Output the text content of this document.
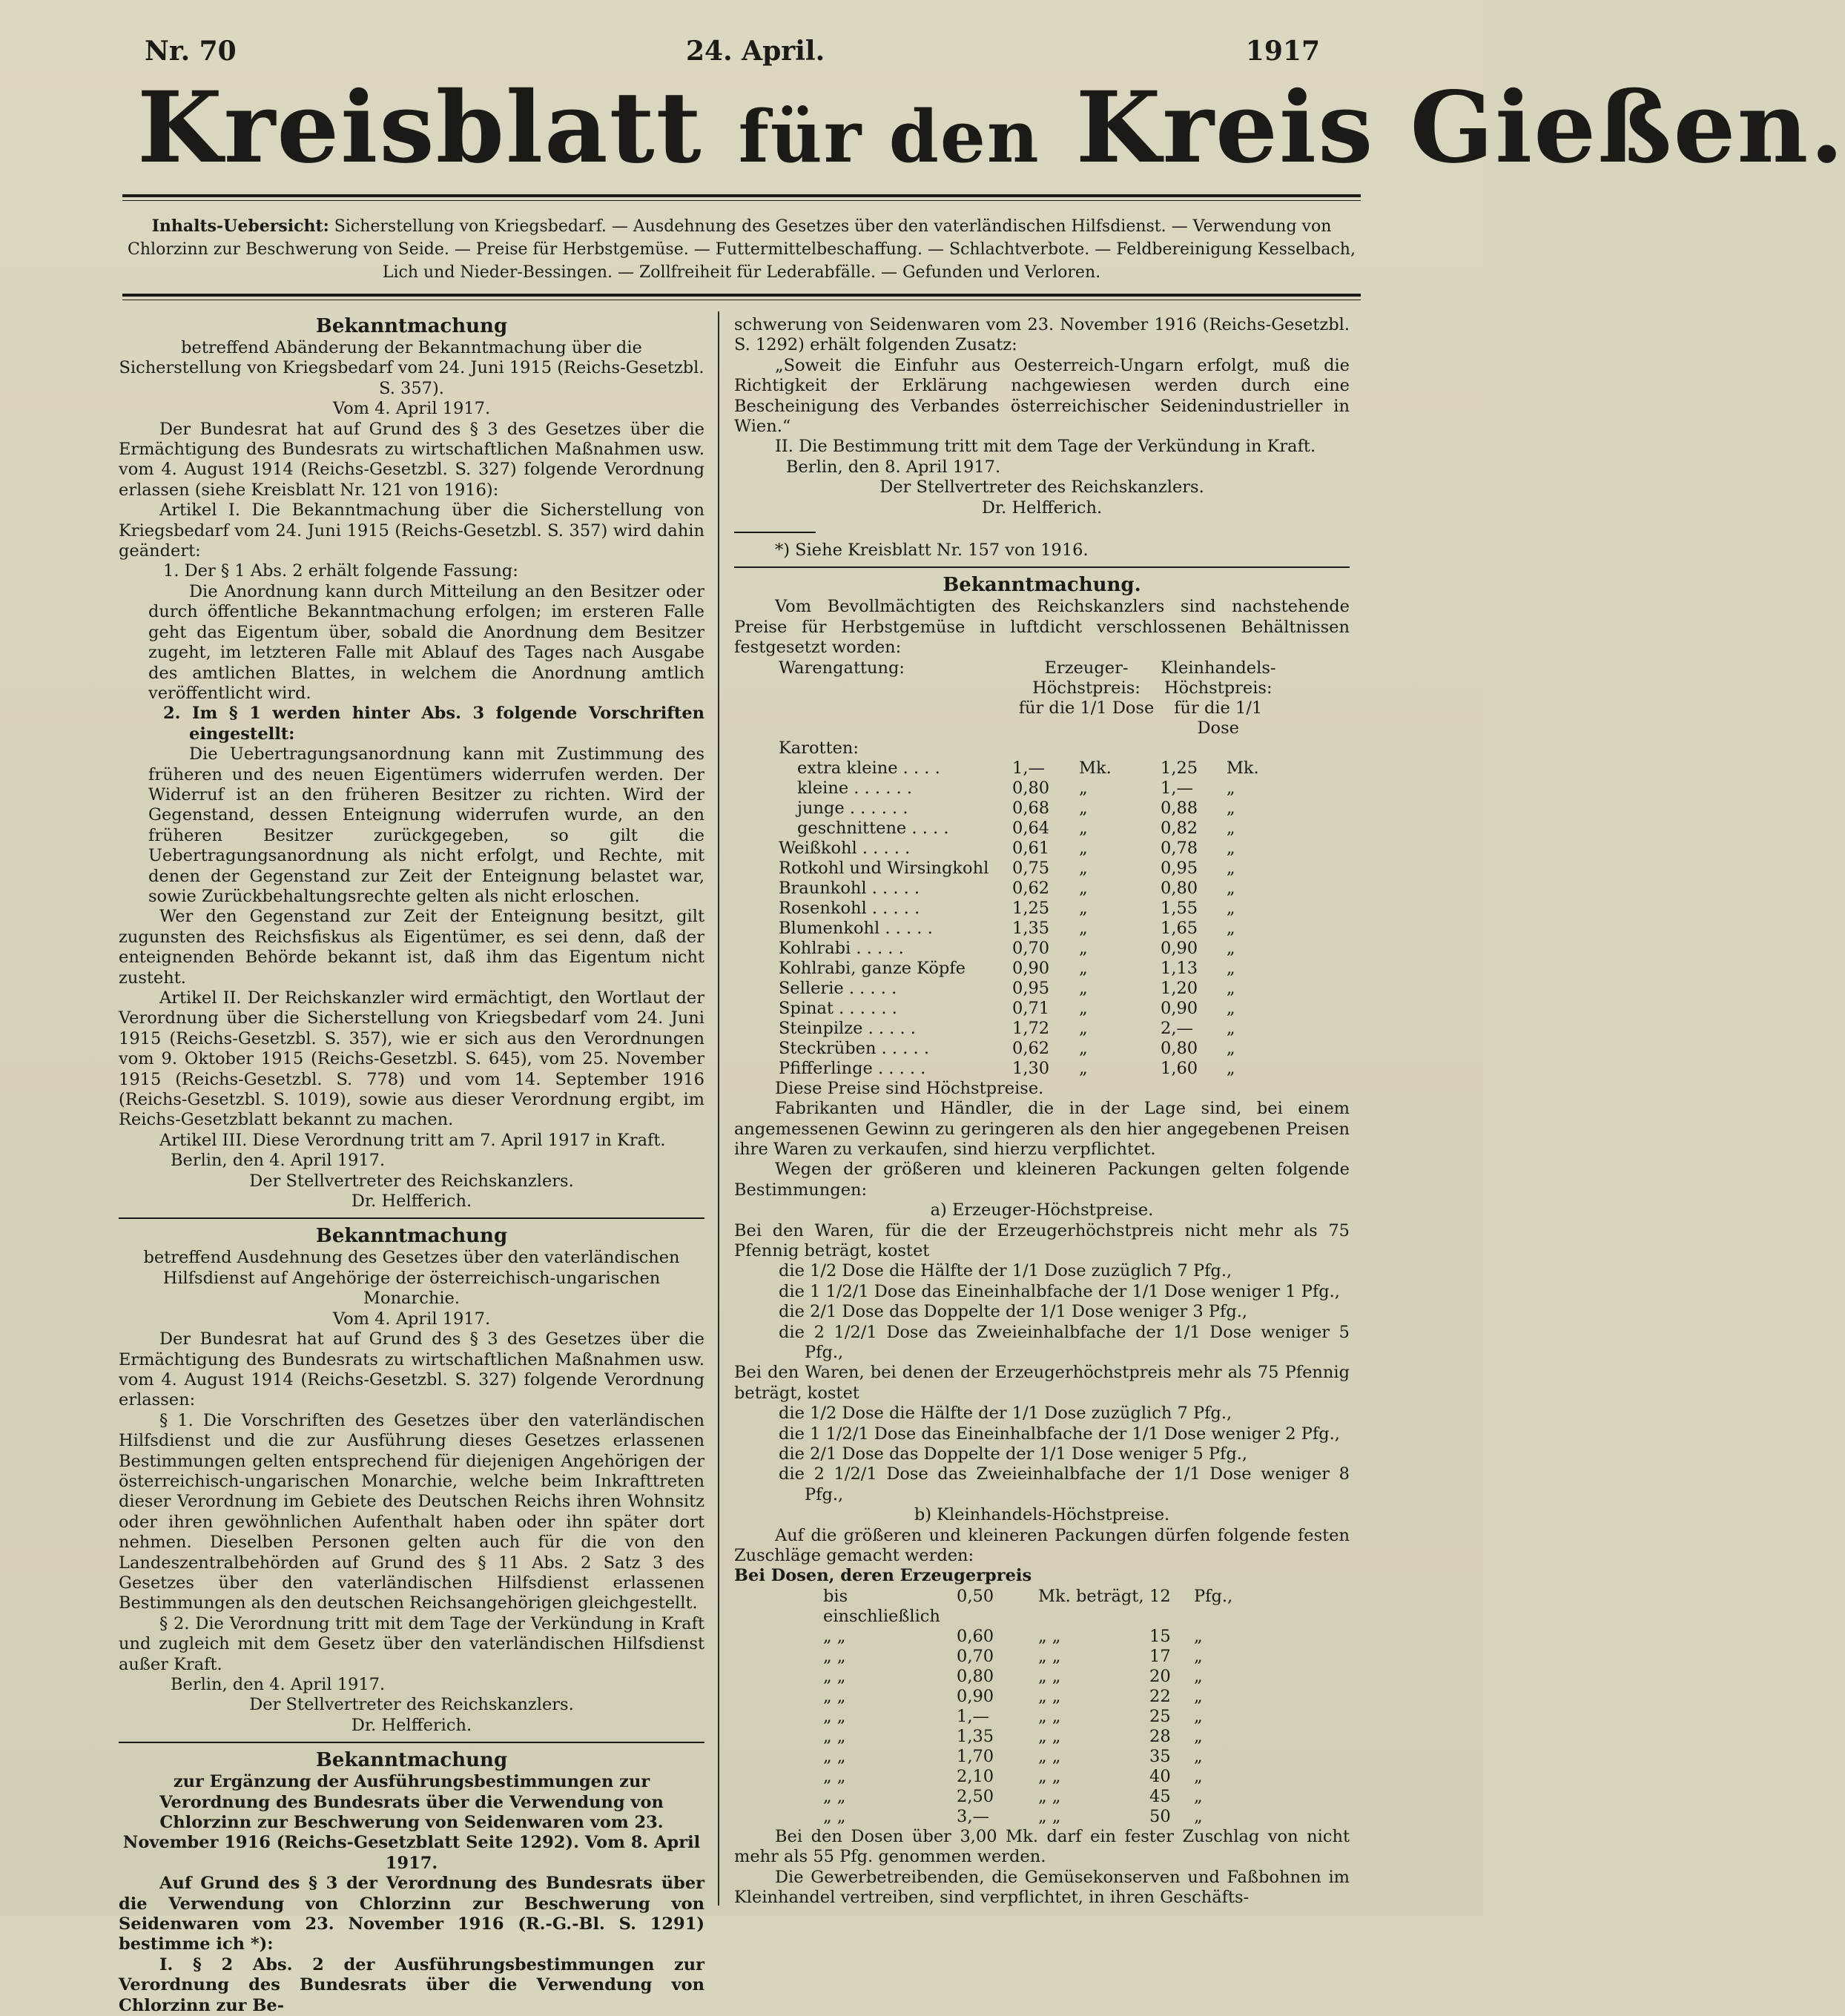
Nr. 70	24. April.	1917
Kreisblatt für den Kreis Gießen.
Inhalts-Uebersicht: Sicherstellung von Kriegsbedarf. — Ausdehnung des Gesetzes über den vaterländischen Hilfsdienst. — Verwendung von Chlorzinn zur Beschwerung von Seide. — Preise für Herbstgemüse. — Futtermittelbeschaffung. — Schlachtverbote. — Feldbereinigung Kesselbach, Lich und Nieder-Bessingen. — Zollfreiheit für Lederabfälle. — Gefunden und Verloren.

Bekanntmachung

betreffend Abänderung der Bekanntmachung über die Sicherstellung von Kriegsbedarf vom 24. Juni 1915 (Reichs-Gesetzbl. S. 357).

Vom 4. April 1917.

Der Bundesrat hat auf Grund des § 3 des Gesetzes über die Ermächtigung des Bundesrats zu wirtschaftlichen Maßnahmen usw. vom 4. August 1914 (Reichs-Gesetzbl. S. 327) folgende Verordnung erlassen (siehe Kreisblatt Nr. 121 von 1916):

Artikel I. Die Bekanntmachung über die Sicherstellung von Kriegsbedarf vom 24. Juni 1915 (Reichs-Gesetzbl. S. 357) wird dahin geändert:

1. Der § 1 Abs. 2 erhält folgende Fassung:

Die Anordnung kann durch Mitteilung an den Besitzer oder durch öffentliche Bekanntmachung erfolgen; im ersteren Falle geht das Eigentum über, sobald die Anordnung dem Besitzer zugeht, im letzteren Falle mit Ablauf des Tages nach Ausgabe des amtlichen Blattes, in welchem die Anordnung amtlich veröffentlicht wird.

2. Im § 1 werden hinter Abs. 3 folgende Vorschriften eingestellt:

Die Uebertragungsanordnung kann mit Zustimmung des früheren und des neuen Eigentümers widerrufen werden. Der Widerruf ist an den früheren Besitzer zu richten. Wird der Gegenstand, dessen Enteignung widerrufen wurde, an den früheren Besitzer zurückgegeben, so gilt die Uebertragungsanordnung als nicht erfolgt, und Rechte, mit denen der Gegenstand zur Zeit der Enteignung belastet war, sowie Zurückbehaltungsrechte gelten als nicht erloschen.

Wer den Gegenstand zur Zeit der Enteignung besitzt, gilt zugunsten des Reichsfiskus als Eigentümer, es sei denn, daß der enteignenden Behörde bekannt ist, daß ihm das Eigentum nicht zusteht.

Artikel II. Der Reichskanzler wird ermächtigt, den Wortlaut der Verordnung über die Sicherstellung von Kriegsbedarf vom 24. Juni 1915 (Reichs-Gesetzbl. S. 357), wie er sich aus den Verordnungen vom 9. Oktober 1915 (Reichs-Gesetzbl. S. 645), vom 25. November 1915 (Reichs-Gesetzbl. S. 778) und vom 14. September 1916 (Reichs-Gesetzbl. S. 1019), sowie aus dieser Verordnung ergibt, im Reichs-Gesetzblatt bekannt zu machen.

Artikel III. Diese Verordnung tritt am 7. April 1917 in Kraft.

Berlin, den 4. April 1917.

Der Stellvertreter des Reichskanzlers.

Dr. Helfferich.

Bekanntmachung

betreffend Ausdehnung des Gesetzes über den vaterländischen Hilfsdienst auf Angehörige der österreichisch-ungarischen Monarchie.

Vom 4. April 1917.

Der Bundesrat hat auf Grund des § 3 des Gesetzes über die Ermächtigung des Bundesrats zu wirtschaftlichen Maßnahmen usw. vom 4. August 1914 (Reichs-Gesetzbl. S. 327) folgende Verordnung erlassen:

§ 1. Die Vorschriften des Gesetzes über den vaterländischen Hilfsdienst und die zur Ausführung dieses Gesetzes erlassenen Bestimmungen gelten entsprechend für diejenigen Angehörigen der österreichisch-ungarischen Monarchie, welche beim Inkrafttreten dieser Verordnung im Gebiete des Deutschen Reichs ihren Wohnsitz oder ihren gewöhnlichen Aufenthalt haben oder ihn später dort nehmen. Dieselben Personen gelten auch für die von den Landeszentralbehörden auf Grund des § 11 Abs. 2 Satz 3 des Gesetzes über den vaterländischen Hilfsdienst erlassenen Bestimmungen als den deutschen Reichsangehörigen gleichgestellt.

§ 2. Die Verordnung tritt mit dem Tage der Verkündung in Kraft und zugleich mit dem Gesetz über den vaterländischen Hilfsdienst außer Kraft.

Berlin, den 4. April 1917.

Der Stellvertreter des Reichskanzlers.

Dr. Helfferich.

Bekanntmachung

zur Ergänzung der Ausführungsbestimmungen zur Verordnung des Bundesrats über die Verwendung von Chlorzinn zur Beschwerung von Seidenwaren vom 23. November 1916 (Reichs-Gesetzblatt Seite 1292). Vom 8. April 1917.

Auf Grund des § 3 der Verordnung des Bundesrats über die Verwendung von Chlorzinn zur Beschwerung von Seidenwaren vom 23. November 1916 (R.-G.-Bl. S. 1291) bestimme ich *):

I. § 2 Abs. 2 der Ausführungsbestimmungen zur Verordnung des Bundesrats über die Verwendung von Chlorzinn zur Be-

schwerung von Seidenwaren vom 23. November 1916 (Reichs-Gesetzbl. S. 1292) erhält folgenden Zusatz:

„Soweit die Einfuhr aus Oesterreich-Ungarn erfolgt, muß die Richtigkeit der Erklärung nachgewiesen werden durch eine Bescheinigung des Verbandes österreichischer Seidenindustrieller in Wien.“

II. Die Bestimmung tritt mit dem Tage der Verkündung in Kraft.

Berlin, den 8. April 1917.

Der Stellvertreter des Reichskanzlers.

Dr. Helfferich.

*) Siehe Kreisblatt Nr. 157 von 1916.

Bekanntmachung.

Vom Bevollmächtigten des Reichskanzlers sind nachstehende Preise für Herbstgemüse in luftdicht verschlossenen Behältnissen festgesetzt worden:

Warengattung:	Erzeuger-		Kleinhandels-	
	Höchstpreis:		Höchstpreis:	
	für die 1/1 Dose		für die 1/1 Dose	
Karotten:				
extra kleine . . . .	1,—	Mk.	1,25	Mk.
kleine . . . . . .	0,80	„	1,—	„
junge . . . . . .	0,68	„	0,88	„
geschnittene . . . .	0,64	„	0,82	„
Weißkohl . . . . .	0,61	„	0,78	„
Rotkohl und Wirsingkohl	0,75	„	0,95	„
Braunkohl . . . . .	0,62	„	0,80	„
Rosenkohl . . . . .	1,25	„	1,55	„
Blumenkohl . . . . .	1,35	„	1,65	„
Kohlrabi . . . . .	0,70	„	0,90	„
Kohlrabi, ganze Köpfe	0,90	„	1,13	„
Sellerie . . . . .	0,95	„	1,20	„
Spinat . . . . . .	0,71	„	0,90	„
Steinpilze . . . . .	1,72	„	2,—	„
Steckrüben . . . . .	0,62	„	0,80	„
Pfifferlinge . . . . .	1,30	„	1,60	„

Diese Preise sind Höchstpreise.

Fabrikanten und Händler, die in der Lage sind, bei einem angemessenen Gewinn zu geringeren als den hier angegebenen Preisen ihre Waren zu verkaufen, sind hierzu verpflichtet.

Wegen der größeren und kleineren Packungen gelten folgende Bestimmungen:

a) Erzeuger-Höchstpreise.

Bei den Waren, für die der Erzeugerhöchstpreis nicht mehr als 75 Pfennig beträgt, kostet

die 1/2 Dose die Hälfte der 1/1 Dose zuzüglich 7 Pfg.,

die 1 1/2/1 Dose das Eineinhalbfache der 1/1 Dose weniger 1 Pfg.,

die 2/1 Dose das Doppelte der 1/1 Dose weniger 3 Pfg.,

die 2 1/2/1 Dose das Zweieinhalbfache der 1/1 Dose weniger 5 Pfg.,

Bei den Waren, bei denen der Erzeugerhöchstpreis mehr als 75 Pfennig beträgt, kostet

die 1/2 Dose die Hälfte der 1/1 Dose zuzüglich 7 Pfg.,

die 1 1/2/1 Dose das Eineinhalbfache der 1/1 Dose weniger 2 Pfg.,

die 2/1 Dose das Doppelte der 1/1 Dose weniger 5 Pfg.,

die 2 1/2/1 Dose das Zweieinhalbfache der 1/1 Dose weniger 8 Pfg.,

b) Kleinhandels-Höchstpreise.

Auf die größeren und kleineren Packungen dürfen folgende festen Zuschläge gemacht werden:

Bei Dosen, deren Erzeugerpreis

bis einschließlich	0,50	Mk. beträgt,	12	Pfg.,
„ „	0,60	„ „	15	„
„ „	0,70	„ „	17	„
„ „	0,80	„ „	20	„
„ „	0,90	„ „	22	„
„ „	1,—	„ „	25	„
„ „	1,35	„ „	28	„
„ „	1,70	„ „	35	„
„ „	2,10	„ „	40	„
„ „	2,50	„ „	45	„
„ „	3,—	„ „	50	„

Bei den Dosen über 3,00 Mk. darf ein fester Zuschlag von nicht mehr als 55 Pfg. genommen werden.

Die Gewerbetreibenden, die Gemüsekonserven und Faßbohnen im Kleinhandel vertreiben, sind verpflichtet, in ihren Geschäfts-
